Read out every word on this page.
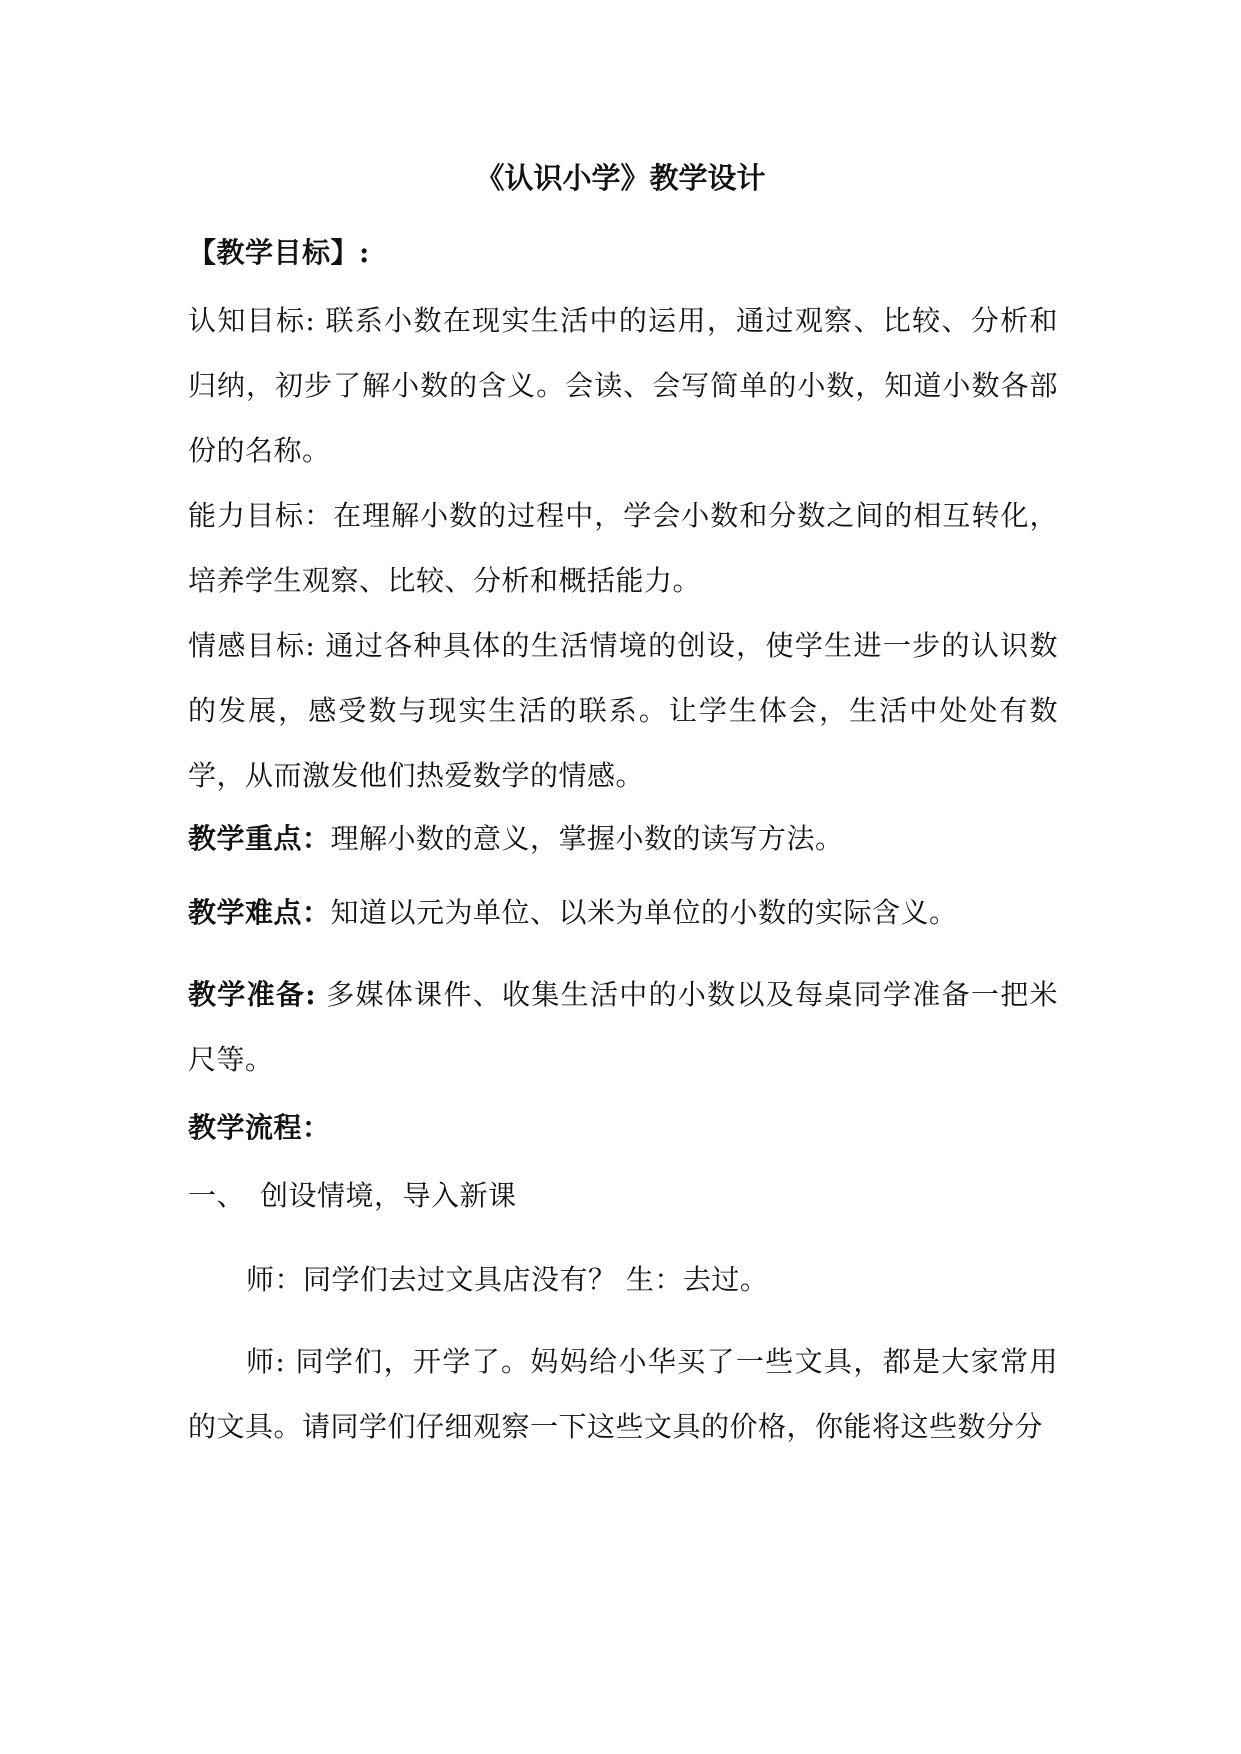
《认识小学》教学设计

【教学目标】:

认知目标: 联系小数在现实生活中的运用，通过观察、比较、分析和归纳，初步了解小数的含义。会读、会写简单的小数，知道小数各部份的名称。

能力目标：在理解小数的过程中，学会小数和分数之间的相互转化，培养学生观察、比较、分析和概括能力。

情感目标: 通过各种具体的生活情境的创设，使学生进一步的认识数的发展，感受数与现实生活的联系。让学生体会，生活中处处有数学，从而激发他们热爱数学的情感。

教学重点：理解小数的意义，掌握小数的读写方法。

教学难点：知道以元为单位、以米为单位的小数的实际含义。

教学准备: 多媒体课件、收集生活中的小数以及每桌同学准备一把米尺等。

教学流程：

一、 创设情境，导入新课

师：同学们去过文具店没有？ 生：去过。

师: 同学们，开学了。妈妈给小华买了一些文具，都是大家常用的文具。请同学们仔细观察一下这些文具的价格，你能将这些数分分
